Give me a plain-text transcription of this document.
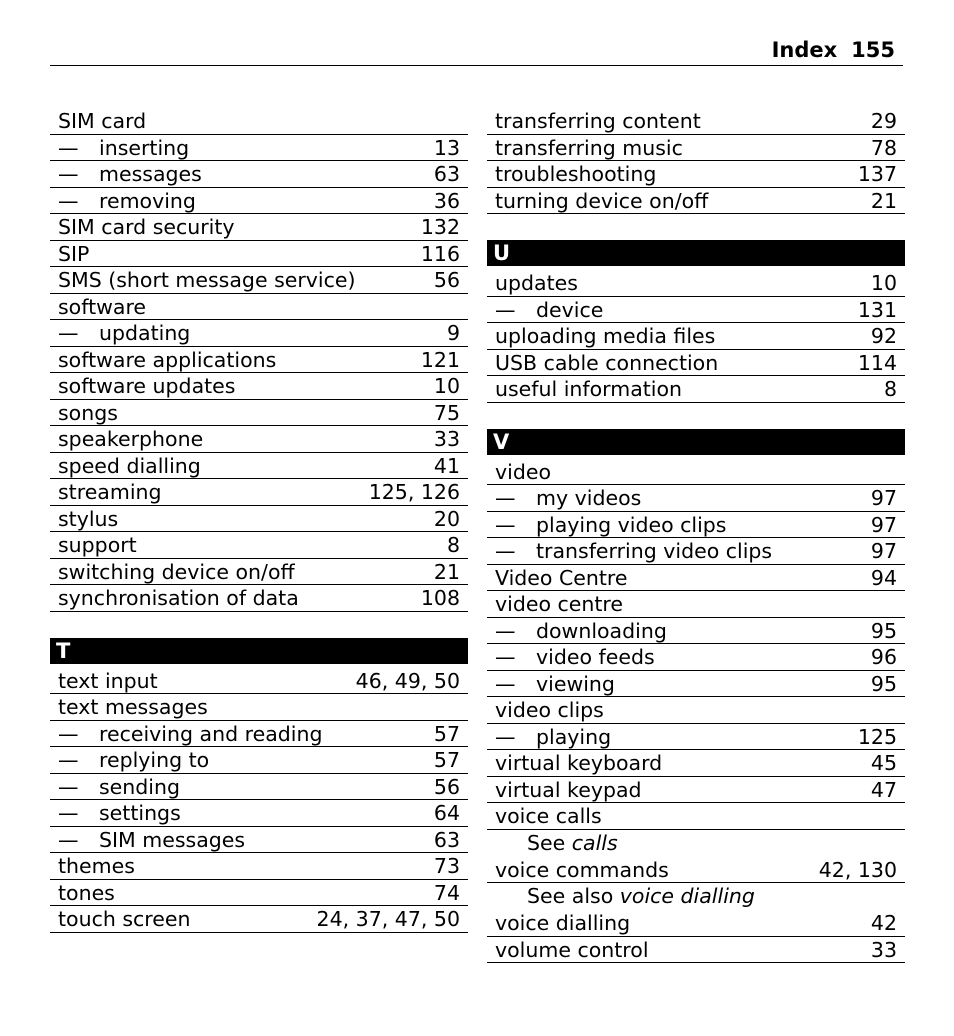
Index 155
SIM card
— inserting	13
— messages	63
— removing	36
SIM card security	132
SIP	116
SMS (short message service)	56
software
— updating	9
software applications	121
software updates	10
songs	75
speakerphone	33
speed dialling	41
streaming	125, 126
stylus	20
support	8
switching device on/off	21
synchronisation of data	108
T
text input	46, 49, 50
text messages
— receiving and reading	57
— replying to	57
— sending	56
— settings	64
— SIM messages	63
themes	73
tones	74
touch screen	24, 37, 47, 50
transferring content	29
transferring music	78
troubleshooting	137
turning device on/off	21
U
updates	10
— device	131
uploading media files	92
USB cable connection	114
useful information	8
V
video
— my videos	97
— playing video clips	97
— transferring video clips	97
Video Centre	94
video centre
— downloading	95
— video feeds	96
— viewing	95
video clips
— playing	125
virtual keyboard	45
virtual keypad	47
voice calls
See calls
voice commands	42, 130
See also voice dialling
voice dialling	42
volume control	33
